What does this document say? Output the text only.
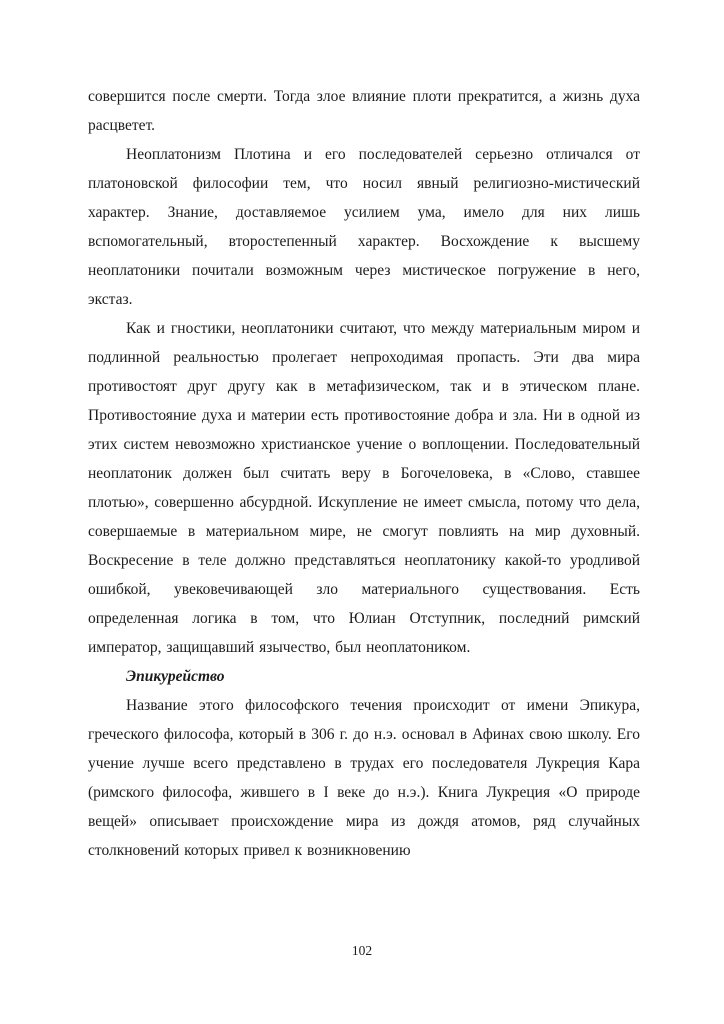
совершится после смерти. Тогда злое влияние плоти прекратится, а жизнь духа расцветет.

Неоплатонизм Плотина и его последователей серьезно отличался от платоновской философии тем, что носил явный религиозно-мистический характер. Знание, доставляемое усилием ума, имело для них лишь вспомогательный, второстепенный характер. Восхождение к высшему неоплатоники почитали возможным через мистическое погружение в него, экстаз.

Как и гностики, неоплатоники считают, что между материальным миром и подлинной реальностью пролегает непроходимая пропасть. Эти два мира противостоят друг другу как в метафизическом, так и в этическом плане. Противостояние духа и материи есть противостояние добра и зла. Ни в одной из этих систем невозможно христианское учение о воплощении. Последовательный неоплатоник должен был считать веру в Богочеловека, в «Слово, ставшее плотью», совершенно абсурдной. Искупление не имеет смысла, потому что дела, совершаемые в материальном мире, не смогут повлиять на мир духовный. Воскресение в теле должно представляться неоплатонику какой-то уродливой ошибкой, увековечивающей зло материального существования. Есть определенная логика в том, что Юлиан Отступник, последний римский император, защищавший язычество, был неоплатоником.

Эпикурейство

Название этого философского течения происходит от имени Эпикура, греческого философа, который в 306 г. до н.э. основал в Афинах свою школу. Его учение лучше всего представлено в трудах его последователя Лукреция Кара (римского философа, жившего в I веке до н.э.). Книга Лукреция «О природе вещей» описывает происхождение мира из дождя атомов, ряд случайных столкновений которых привел к возникновению

102
